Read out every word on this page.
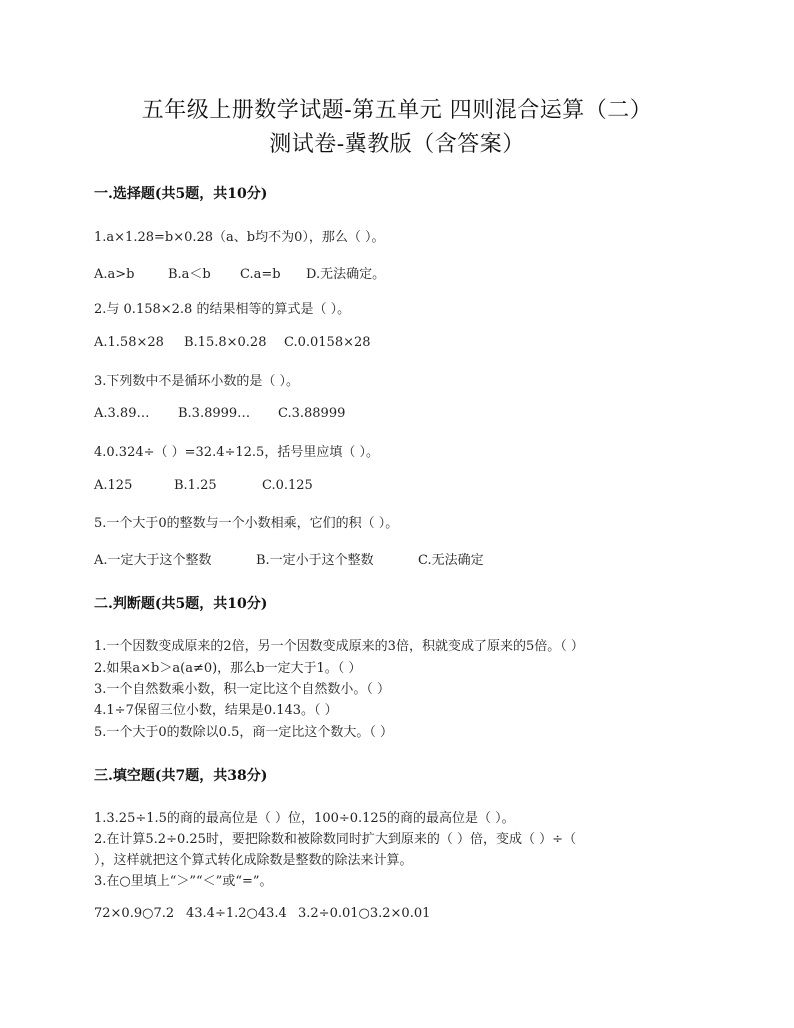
五年级上册数学试题-第五单元 四则混合运算（二）
测试卷-冀教版（含答案）
一.选择题(共5题，共10分)
1.a×1.28=b×0.28（a、b均不为0），那么（ ）。
A.a>b	B.a＜b C.a=b D.无法确定。
2.与 0.158×2.8 的结果相等的算式是（ ）。
A.1.58×28 B.15.8×0.28 C.0.0158×28
3.下列数中不是循环小数的是（ ）。
A.3.89… B.3.8999… C.3.88999
4.0.324÷（ ）=32.4÷12.5，括号里应填（ ）。
A.125	B.1.25	C.0.125
5.一个大于0的整数与一个小数相乘，它们的积（ ）。
A.一定大于这个整数	B.一定小于这个整数	C.无法确定
二.判断题(共5题，共10分)
1.一个因数变成原来的2倍，另一个因数变成原来的3倍，积就变成了原来的5倍。（ ）
2.如果a×b＞a(a≠0)，那么b一定大于1。（ ）
3.一个自然数乘小数，积一定比这个自然数小。（ ）
4.1÷7保留三位小数，结果是0.143。（ ）
5.一个大于0的数除以0.5，商一定比这个数大。（ ）
三.填空题(共7题，共38分)
1.3.25÷1.5的商的最高位是（ ）位，100÷0.125的商的最高位是（ ）。
2.在计算5.2÷0.25时，要把除数和被除数同时扩大到原来的（ ）倍，变成（ ）÷（
），这样就把这个算式转化成除数是整数的除法来计算。
3.在○里填上“＞”“＜”或“=”。
72×0.9○7.2 43.4÷1.2○43.4 3.2÷0.01○3.2×0.01
